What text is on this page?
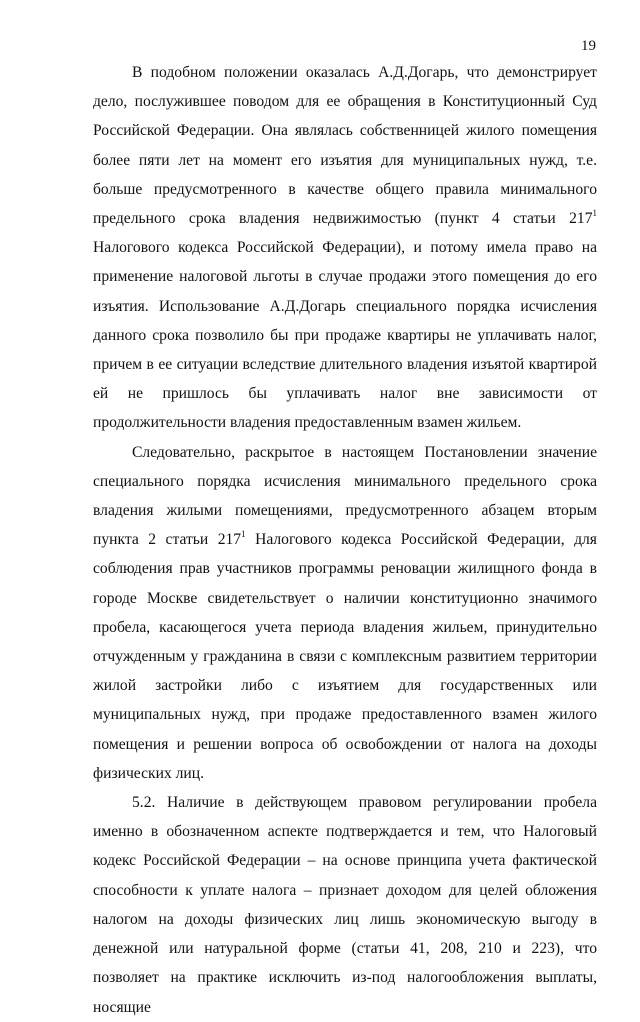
19

В подобном положении оказалась А.Д.Догарь, что демонстрирует дело, послужившее поводом для ее обращения в Конституционный Суд Российской Федерации. Она являлась собственницей жилого помещения более пяти лет на момент его изъятия для муниципальных нужд, т.е. больше предусмотренного в качестве общего правила минимального предельного срока владения недвижимостью (пункт 4 статьи $217^1$ Налогового кодекса Российской Федерации), и потому имела право на применение налоговой льготы в случае продажи этого помещения до его изъятия. Использование А.Д.Догарь специального порядка исчисления данного срока позволило бы при продаже квартиры не уплачивать налог, причем в ее ситуации вследствие длительного владения изъятой квартирой ей не пришлось бы уплачивать налог вне зависимости от продолжительности владения предоставленным взамен жильем.

Следовательно, раскрытое в настоящем Постановлении значение специального порядка исчисления минимального предельного срока владения жилыми помещениями, предусмотренного абзацем вторым пункта 2 статьи $217^1$ Налогового кодекса Российской Федерации, для соблюдения прав участников программы реновации жилищного фонда в городе Москве свидетельствует о наличии конституционно значимого пробела, касающегося учета периода владения жильем, принудительно отчужденным у гражданина в связи с комплексным развитием территории жилой застройки либо с изъятием для государственных или муниципальных нужд, при продаже предоставленного взамен жилого помещения и решении вопроса об освобождении от налога на доходы физических лиц.

5.2. Наличие в действующем правовом регулировании пробела именно в обозначенном аспекте подтверждается и тем, что Налоговый кодекс Российской Федерации – на основе принципа учета фактической способности к уплате налога – признает доходом для целей обложения налогом на доходы физических лиц лишь экономическую выгоду в денежной или натуральной форме (статьи 41, 208, 210 и 223), что позволяет на практике исключить из-под налогообложения выплаты, носящие
